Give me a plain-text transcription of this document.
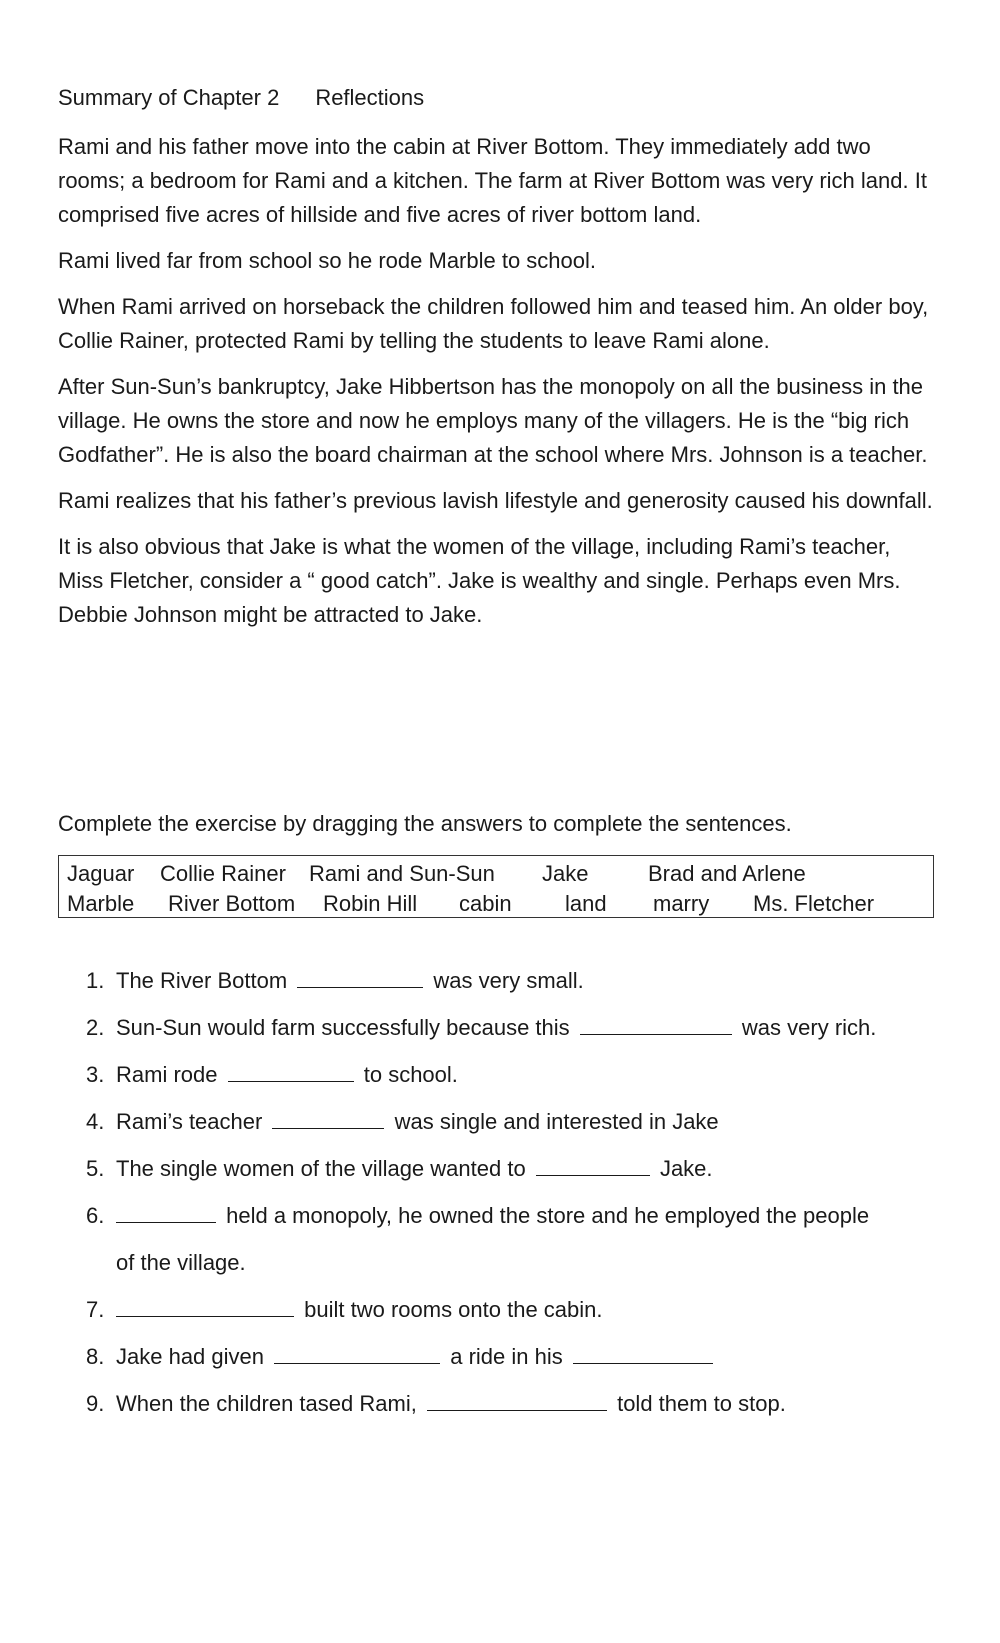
Summary of Chapter 2 Reflections

Rami and his father move into the cabin at River Bottom. They immediately add two rooms; a bedroom for Rami and a kitchen. The farm at River Bottom was very rich land. It comprised five acres of hillside and five acres of river bottom land.

Rami lived far from school so he rode Marble to school.

When Rami arrived on horseback the children followed him and teased him. An older boy, Collie Rainer, protected Rami by telling the students to leave Rami alone.

After Sun-Sun’s bankruptcy, Jake Hibbertson has the monopoly on all the business in the village. He owns the store and now he employs many of the villagers. He is the “big rich Godfather”. He is also the board chairman at the school where Mrs. Johnson is a teacher.

Rami realizes that his father’s previous lavish lifestyle and generosity caused his downfall.

It is also obvious that Jake is what the women of the village, including Rami’s teacher, Miss Fletcher, consider a “ good catch”. Jake is wealthy and single. Perhaps even Mrs. Debbie Johnson might be attracted to Jake.

Complete the exercise by dragging the answers to complete the sentences.
Jaguar Collie Rainer Rami and Sun-Sun Jake	Brad and Arlene
Marble River Bottom Robin Hill cabin land marry Ms. Fletcher
1. The River Bottom	was very small.
2. Sun-Sun would farm successfully because this	was very rich.
3. Rami rode	to school.
4. Rami’s teacher	was single and interested in Jake
5. The single women of the village wanted to	Jake.
6.	held a monopoly, he owned the store and he employed the people
of the village.
7.	built two rooms onto the cabin.
8. Jake had given	a ride in his
9. When the children tased Rami,	told them to stop.
